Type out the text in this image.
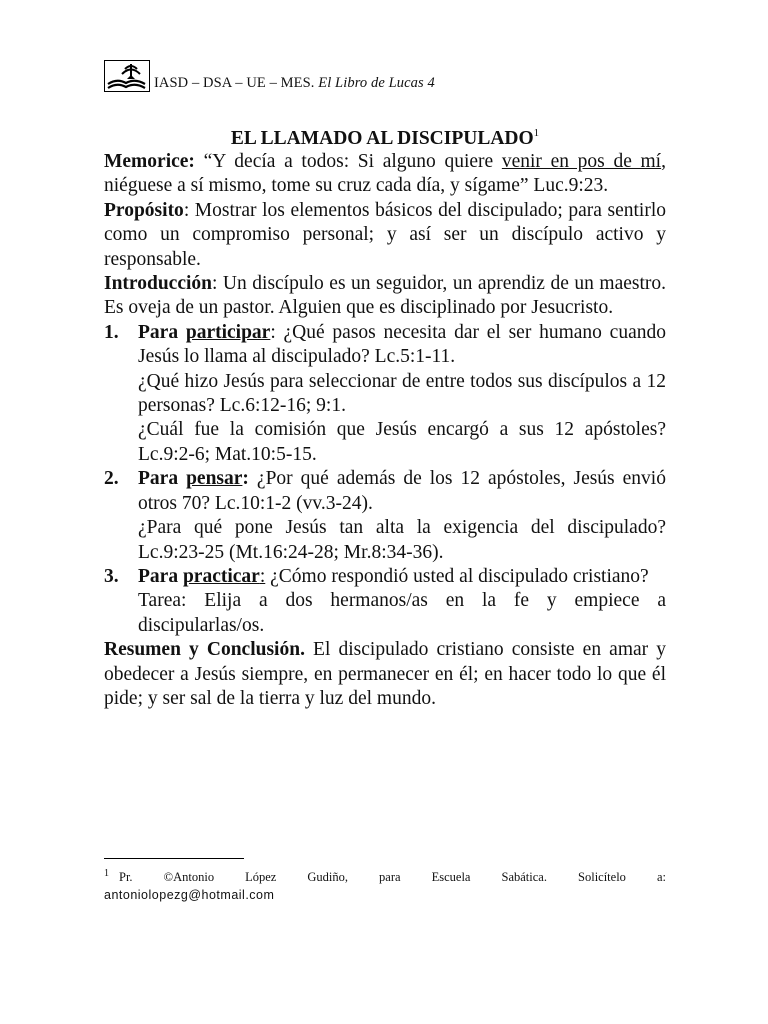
IASD – DSA – UE – MES. El Libro de Lucas 4
EL LLAMADO AL DISCIPULADO$^1$

Memorice: “Y decía a todos: Si alguno quiere venir en pos de mí, niéguese a sí mismo, tome su cruz cada día, y sígame” Luc.9:23.

Propósito: Mostrar los elementos básicos del discipulado; para sentirlo como un compromiso personal; y así ser un discípulo activo y responsable.

Introducción: Un discípulo es un seguidor, un aprendiz de un maestro. Es oveja de un pastor. Alguien que es disciplinado por Jesucristo.

1. Para participar: ¿Qué pasos necesita dar el ser humano cuando Jesús lo llama al discipulado? Lc.5:1-11.

¿Qué hizo Jesús para seleccionar de entre todos sus discípulos a 12 personas? Lc.6:12-16; 9:1.

¿Cuál fue la comisión que Jesús encargó a sus 12 apóstoles? Lc.9:2-6; Mat.10:5-15.

2. Para pensar: ¿Por qué además de los 12 apóstoles, Jesús envió otros 70? Lc.10:1-2 (vv.3-24).

¿Para qué pone Jesús tan alta la exigencia del discipulado? Lc.9:23-25 (Mt.16:24-28; Mr.8:34-36).

3. Para practicar: ¿Cómo respondió usted al discipulado cristiano?

Tarea: Elija a dos hermanos/as en la fe y empiece a discipularlas/os.

Resumen y Conclusión. El discipulado cristiano consiste en amar y obedecer a Jesús siempre, en permanecer en él; en hacer todo lo que él pide; y ser sal de la tierra y luz del mundo.

$^1$ Pr. ©Antonio López Gudiño, para Escuela Sabática. Solicítelo a:
antoniolopezg@hotmail.com
